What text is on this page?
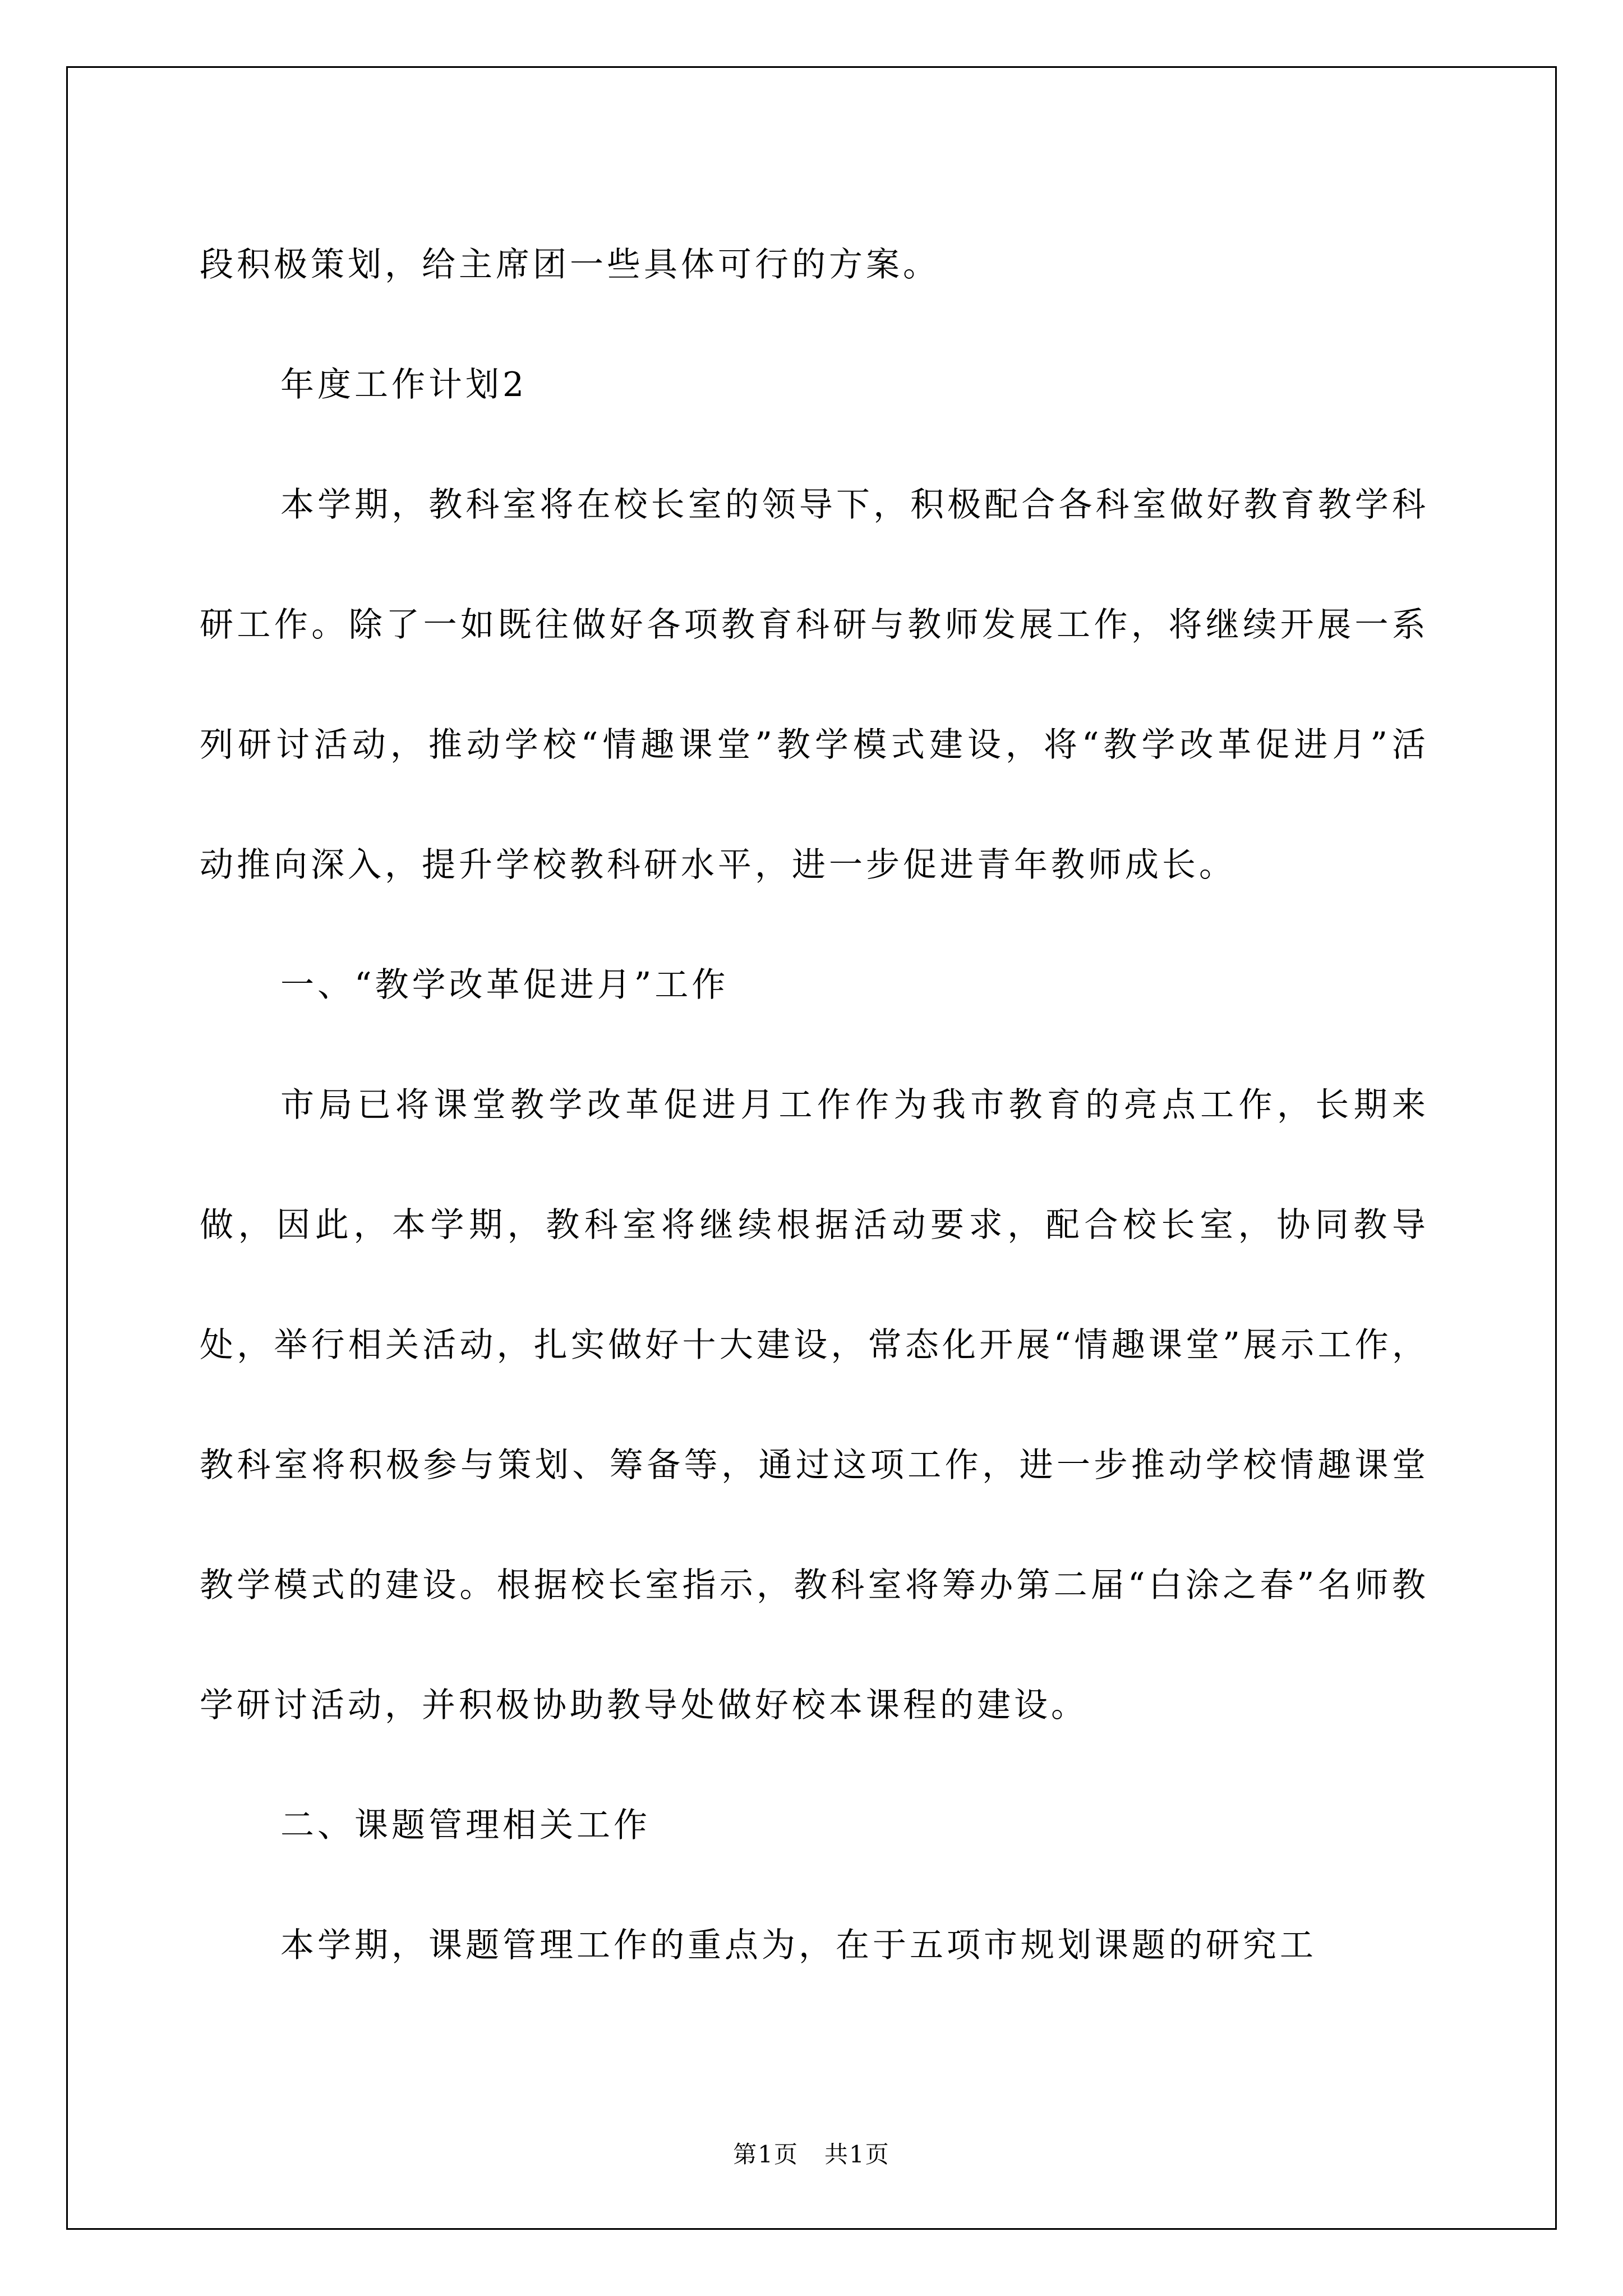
段积极策划，给主席团一些具体可行的方案。

年度工作计划2

本学期，教科室将在校长室的领导下，积极配合各科室做好教育教学科研工作。除了一如既往做好各项教育科研与教师发展工作，将继续开展一系列研讨活动，推动学校“情趣课堂”教学模式建设，将“教学改革促进月”活动推向深入，提升学校教科研水平，进一步促进青年教师成长。

一、“教学改革促进月”工作

市局已将课堂教学改革促进月工作作为我市教育的亮点工作，长期来做，因此，本学期，教科室将继续根据活动要求，配合校长室，协同教导处，举行相关活动，扎实做好十大建设，常态化开展“情趣课堂”展示工作，教科室将积极参与策划、筹备等，通过这项工作，进一步推动学校情趣课堂教学模式的建设。根据校长室指示，教科室将筹办第二届“白涂之春”名师教学研讨活动，并积极协助教导处做好校本课程的建设。

二、课题管理相关工作

本学期，课题管理工作的重点为，在于五项市规划课题的研究工

第1页 共1页
